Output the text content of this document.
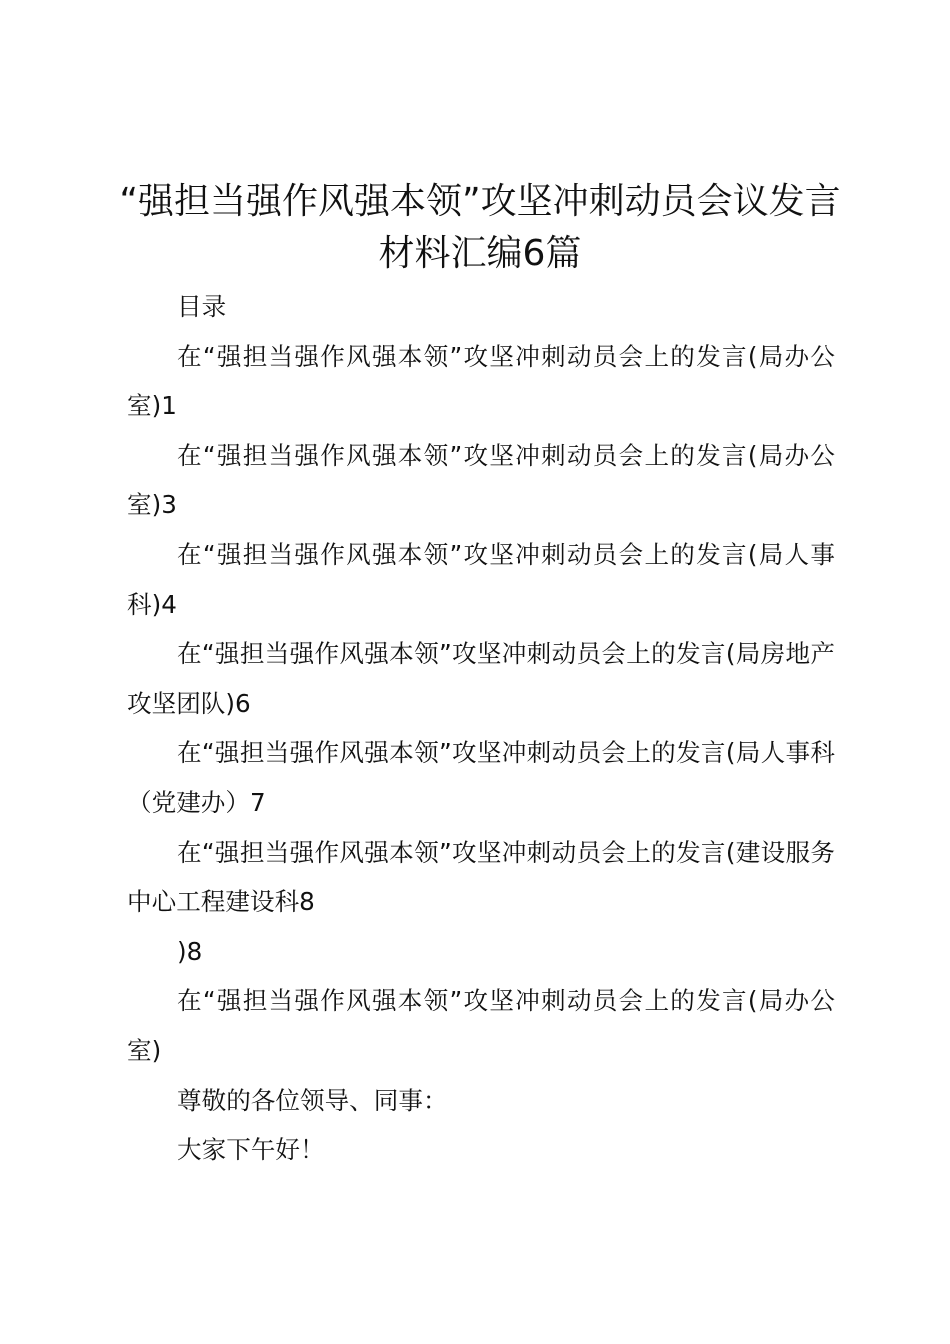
“强担当强作风强本领”攻坚冲刺动员会议发言材料汇编6篇

目录

在“强担当强作风强本领”攻坚冲刺动员会上的发言(局办公室)1

在“强担当强作风强本领”攻坚冲刺动员会上的发言(局办公室)3

在“强担当强作风强本领”攻坚冲刺动员会上的发言(局人事科)4

在“强担当强作风强本领”攻坚冲刺动员会上的发言(局房地产攻坚团队)6

在“强担当强作风强本领”攻坚冲刺动员会上的发言(局人事科（党建办）7

在“强担当强作风强本领”攻坚冲刺动员会上的发言(建设服务中心工程建设科8

)8

在“强担当强作风强本领”攻坚冲刺动员会上的发言(局办公室)

尊敬的各位领导、同事：

大家下午好！
